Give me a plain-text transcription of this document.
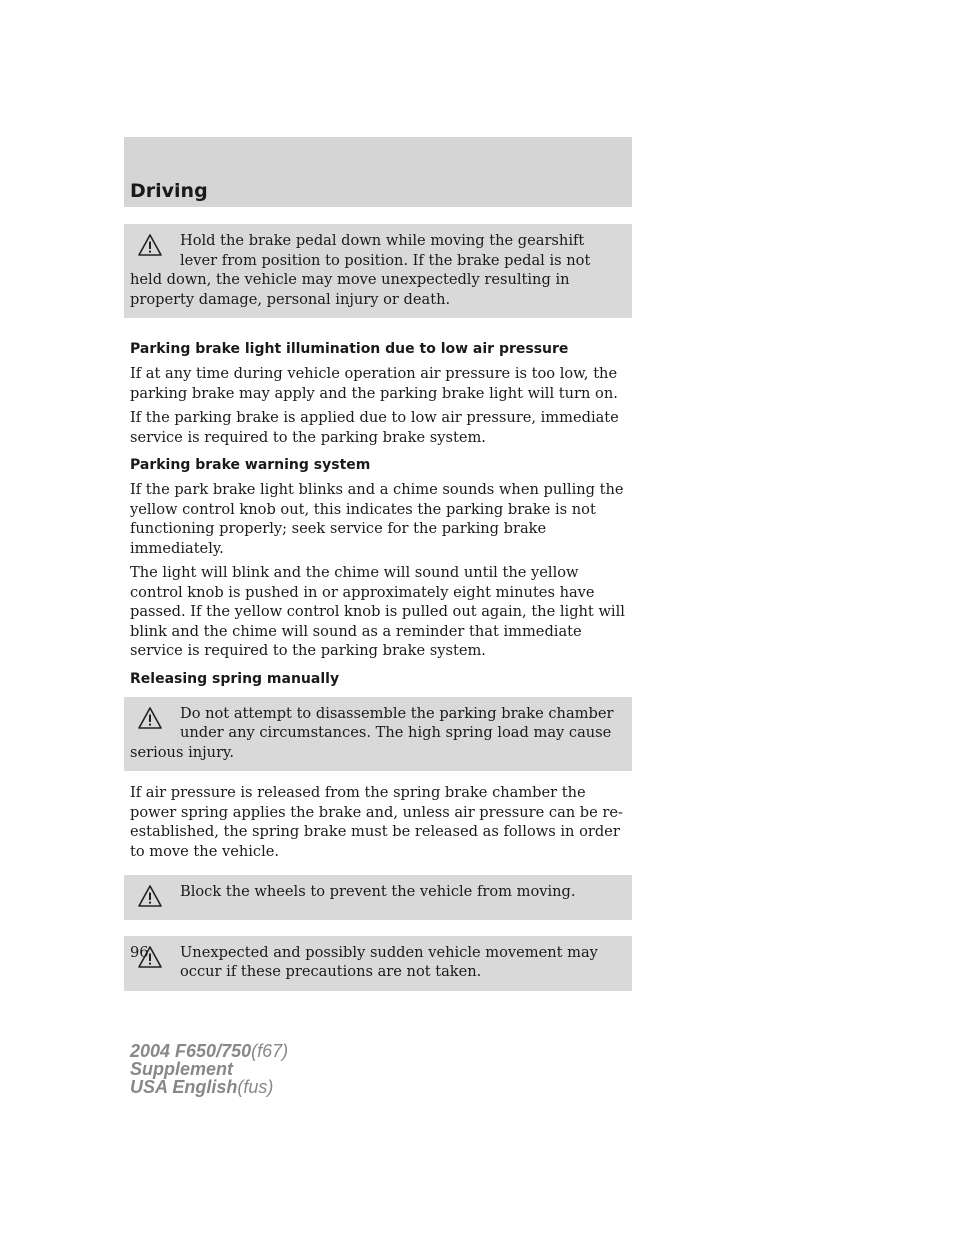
Driving

Hold the brake pedal down while moving the gearshift lever from position to position. If the brake pedal is not held down, the vehicle may move unexpectedly resulting in property damage, personal injury or death.

Parking brake light illumination due to low air pressure

If at any time during vehicle operation air pressure is too low, the parking brake may apply and the parking brake light will turn on.

If the parking brake is applied due to low air pressure, immediate service is required to the parking brake system.

Parking brake warning system

If the park brake light blinks and a chime sounds when pulling the yellow control knob out, this indicates the parking brake is not functioning properly; seek service for the parking brake immediately.

The light will blink and the chime will sound until the yellow control knob is pushed in or approximately eight minutes have passed. If the yellow control knob is pulled out again, the light will blink and the chime will sound as a reminder that immediate service is required to the parking brake system.

Releasing spring manually

Do not attempt to disassemble the parking brake chamber under any circumstances. The high spring load may cause serious injury.

If air pressure is released from the spring brake chamber the power spring applies the brake and, unless air pressure can be re-established, the spring brake must be released as follows in order to move the vehicle.

Block the wheels to prevent the vehicle from moving.

Unexpected and possibly sudden vehicle movement may occur if these precautions are not taken.

96

2004 F650/750(f67)
Supplement
USA English(fus)
